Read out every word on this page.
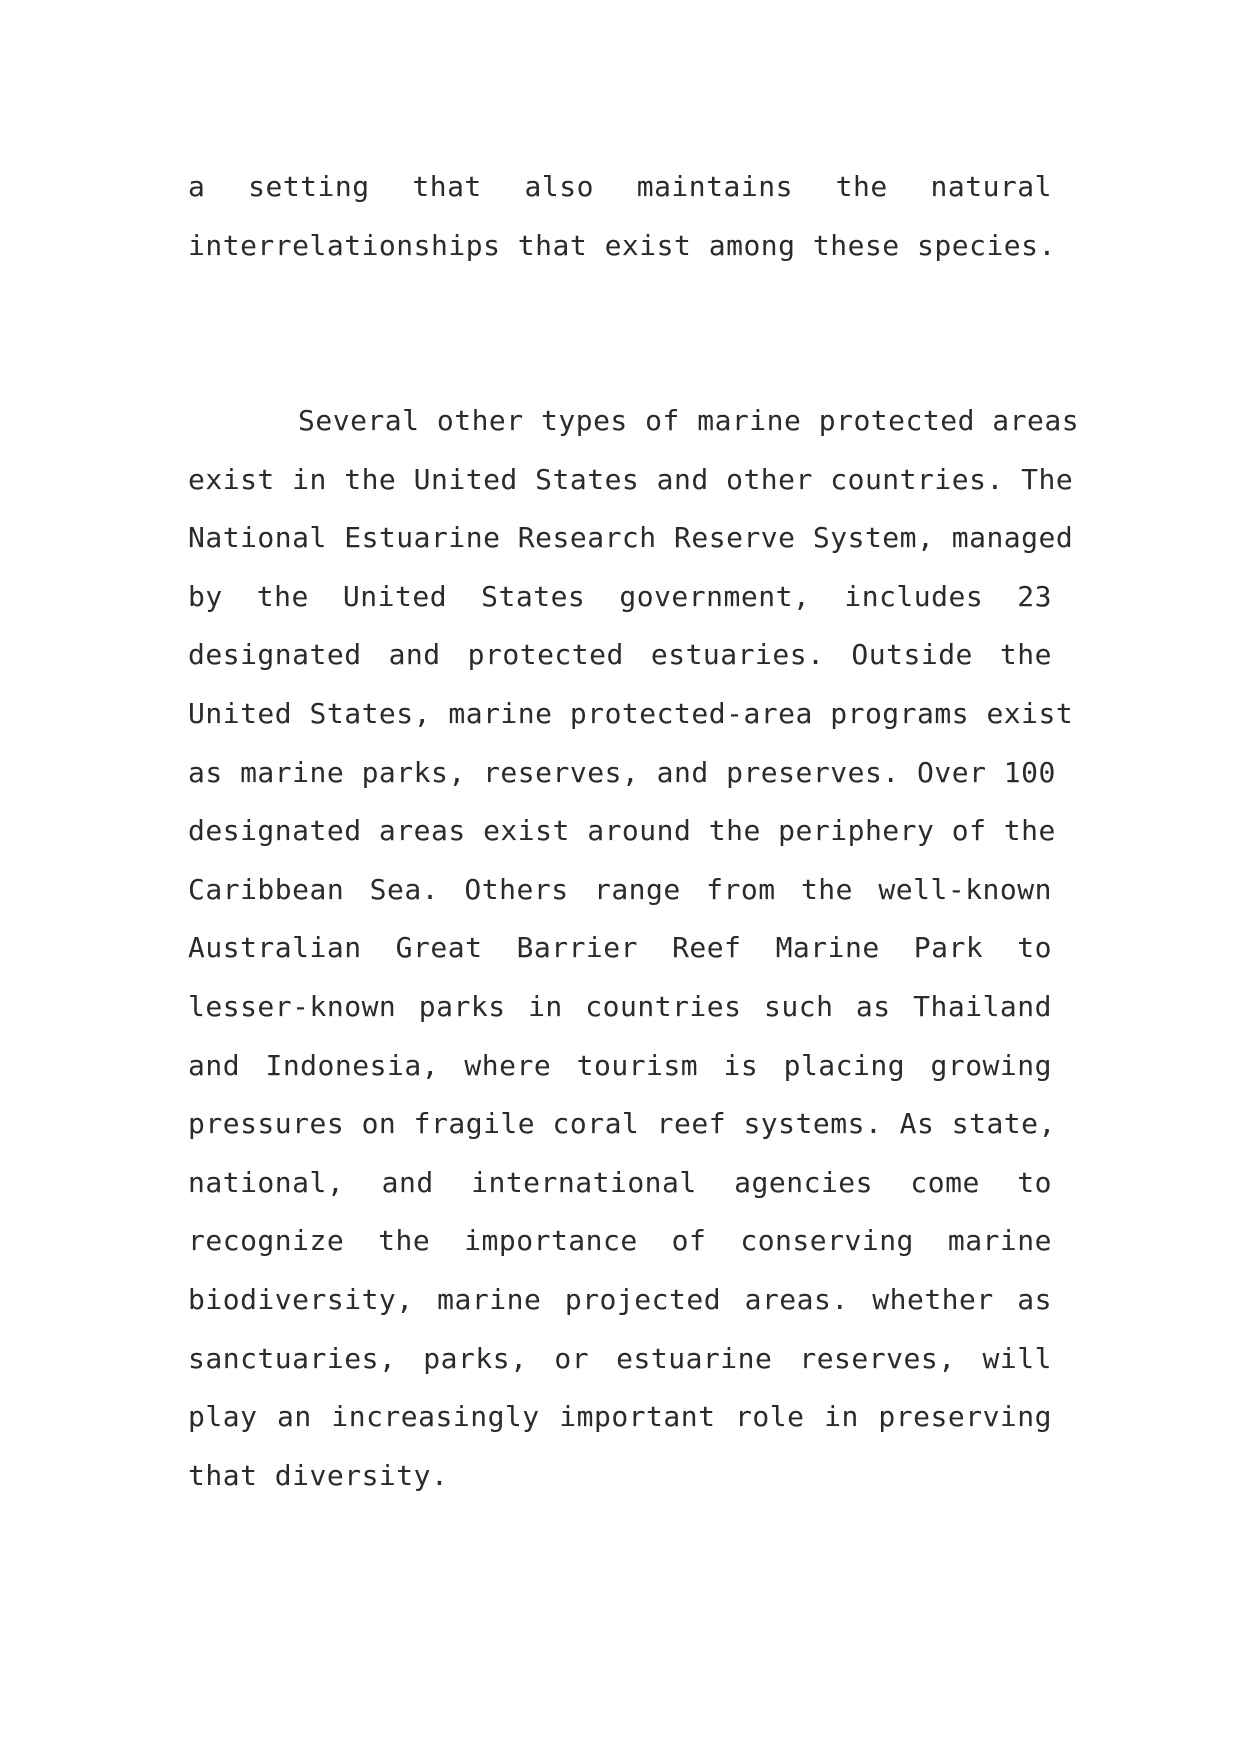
a setting that also maintains the natural
interrelationships that exist among these species.
Several other types of marine protected areas
exist in the United States and other countries. The
National Estuarine Research Reserve System, managed
by the United States government, includes 23
designated and protected estuaries. Outside the
United States, marine protected-area programs exist
as marine parks, reserves, and preserves. Over 100
designated areas exist around the periphery of the
Caribbean Sea. Others range from the well-known
Australian Great Barrier Reef Marine Park to
lesser-known parks in countries such as Thailand
and Indonesia, where tourism is placing growing
pressures on fragile coral reef systems. As state,
national, and international agencies come to
recognize the importance of conserving marine
biodiversity, marine projected areas. whether as
sanctuaries, parks, or estuarine reserves, will
play an increasingly important role in preserving
that diversity.
